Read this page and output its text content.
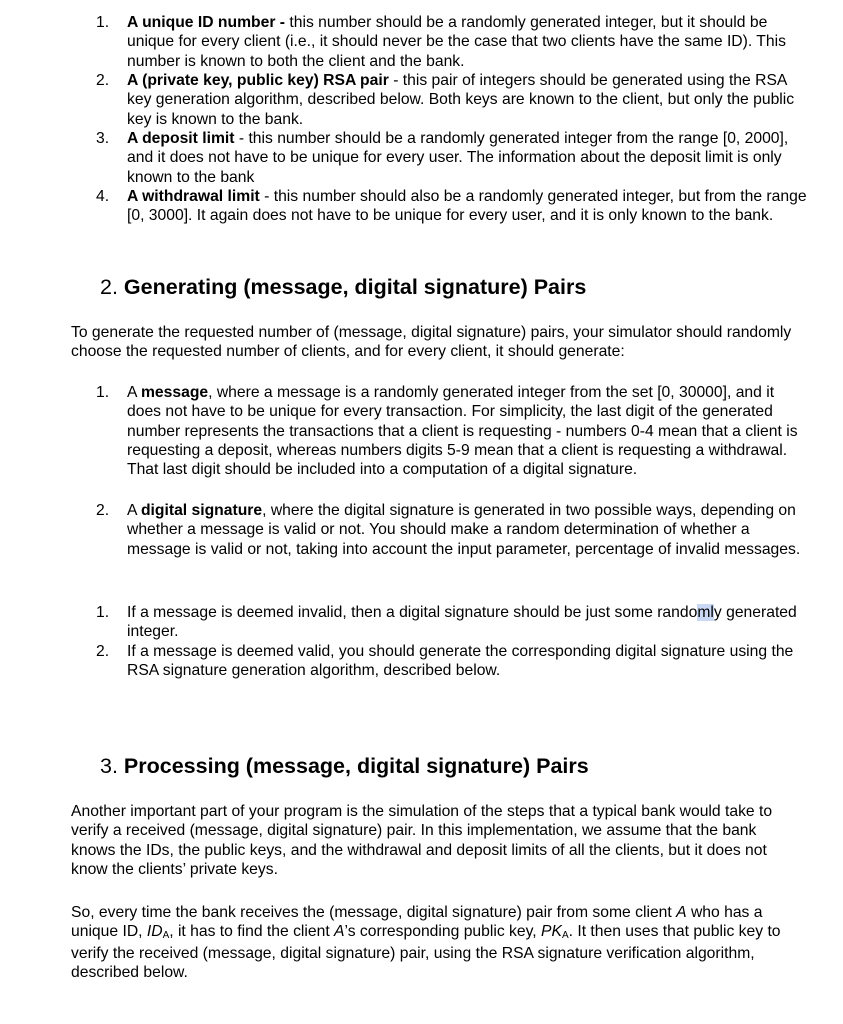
1. A unique ID number - this number should be a randomly generated integer, but it should be unique for every client (i.e., it should never be the case that two clients have the same ID). This number is known to both the client and the bank.
2. A (private key, public key) RSA pair - this pair of integers should be generated using the RSA key generation algorithm, described below. Both keys are known to the client, but only the public key is known to the bank.
3. A deposit limit - this number should be a randomly generated integer from the range [0, 2000], and it does not have to be unique for every user. The information about the deposit limit is only known to the bank
4. A withdrawal limit - this number should also be a randomly generated integer, but from the range [0, 3000]. It again does not have to be unique for every user, and it is only known to the bank.
2. Generating (message, digital signature) Pairs

To generate the requested number of (message, digital signature) pairs, your simulator should randomly choose the requested number of clients, and for every client, it should generate:

1. A message, where a message is a randomly generated integer from the set [0, 30000], and it does not have to be unique for every transaction. For simplicity, the last digit of the generated number represents the transactions that a client is requesting - numbers 0-4 mean that a client is requesting a deposit, whereas numbers digits 5-9 mean that a client is requesting a withdrawal. That last digit should be included into a computation of a digital signature.
2. A digital signature, where the digital signature is generated in two possible ways, depending on whether a message is valid or not. You should make a random determination of whether a message is valid or not, taking into account the input parameter, percentage of invalid messages.
1. If a message is deemed invalid, then a digital signature should be just some randomly generated integer.
2. If a message is deemed valid, you should generate the corresponding digital signature using the RSA signature generation algorithm, described below.
3. Processing (message, digital signature) Pairs

Another important part of your program is the simulation of the steps that a typical bank would take to verify a received (message, digital signature) pair. In this implementation, we assume that the bank knows the IDs, the public keys, and the withdrawal and deposit limits of all the clients, but it does not know the clients’ private keys.

So, every time the bank receives the (message, digital signature) pair from some client A who has a unique ID, $ID_A$, it has to find the client A’s corresponding public key, $PK_A$. It then uses that public key to verify the received (message, digital signature) pair, using the RSA signature verification algorithm, described below.
